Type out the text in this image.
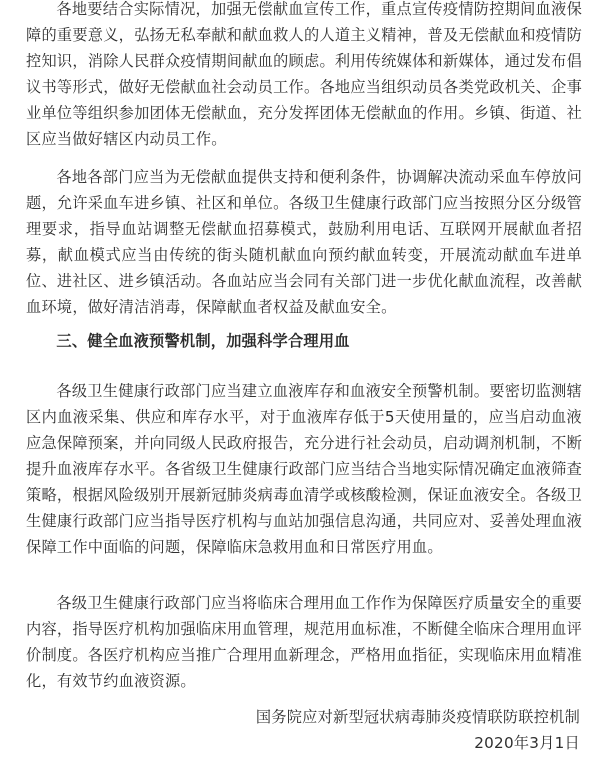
各地要结合实际情况，加强无偿献血宣传工作，重点宣传疫情防控期间血液保障的重要意义，弘扬无私奉献和献血救人的人道主义精神，普及无偿献血和疫情防控知识，消除人民群众疫情期间献血的顾虑。利用传统媒体和新媒体，通过发布倡议书等形式，做好无偿献血社会动员工作。各地应当组织动员各类党政机关、企事业单位等组织参加团体无偿献血，充分发挥团体无偿献血的作用。乡镇、街道、社区应当做好辖区内动员工作。

各地各部门应当为无偿献血提供支持和便利条件，协调解决流动采血车停放问题，允许采血车进乡镇、社区和单位。各级卫生健康行政部门应当按照分区分级管理要求，指导血站调整无偿献血招募模式，鼓励利用电话、互联网开展献血者招募，献血模式应当由传统的街头随机献血向预约献血转变，开展流动献血车进单位、进社区、进乡镇活动。各血站应当会同有关部门进一步优化献血流程，改善献血环境，做好清洁消毒，保障献血者权益及献血安全。

三、健全血液预警机制，加强科学合理用血

各级卫生健康行政部门应当建立血液库存和血液安全预警机制。要密切监测辖区内血液采集、供应和库存水平，对于血液库存低于5天使用量的，应当启动血液应急保障预案，并向同级人民政府报告，充分进行社会动员，启动调剂机制，不断提升血液库存水平。各省级卫生健康行政部门应当结合当地实际情况确定血液筛查策略，根据风险级别开展新冠肺炎病毒血清学或核酸检测，保证血液安全。各级卫生健康行政部门应当指导医疗机构与血站加强信息沟通，共同应对、妥善处理血液保障工作中面临的问题，保障临床急救用血和日常医疗用血。

各级卫生健康行政部门应当将临床合理用血工作作为保障医疗质量安全的重要内容，指导医疗机构加强临床用血管理，规范用血标准，不断健全临床合理用血评价制度。各医疗机构应当推广合理用血新理念，严格用血指征，实现临床用血精准化，有效节约血液资源。

国务院应对新型冠状病毒肺炎疫情联防联控机制

2020年3月1日
